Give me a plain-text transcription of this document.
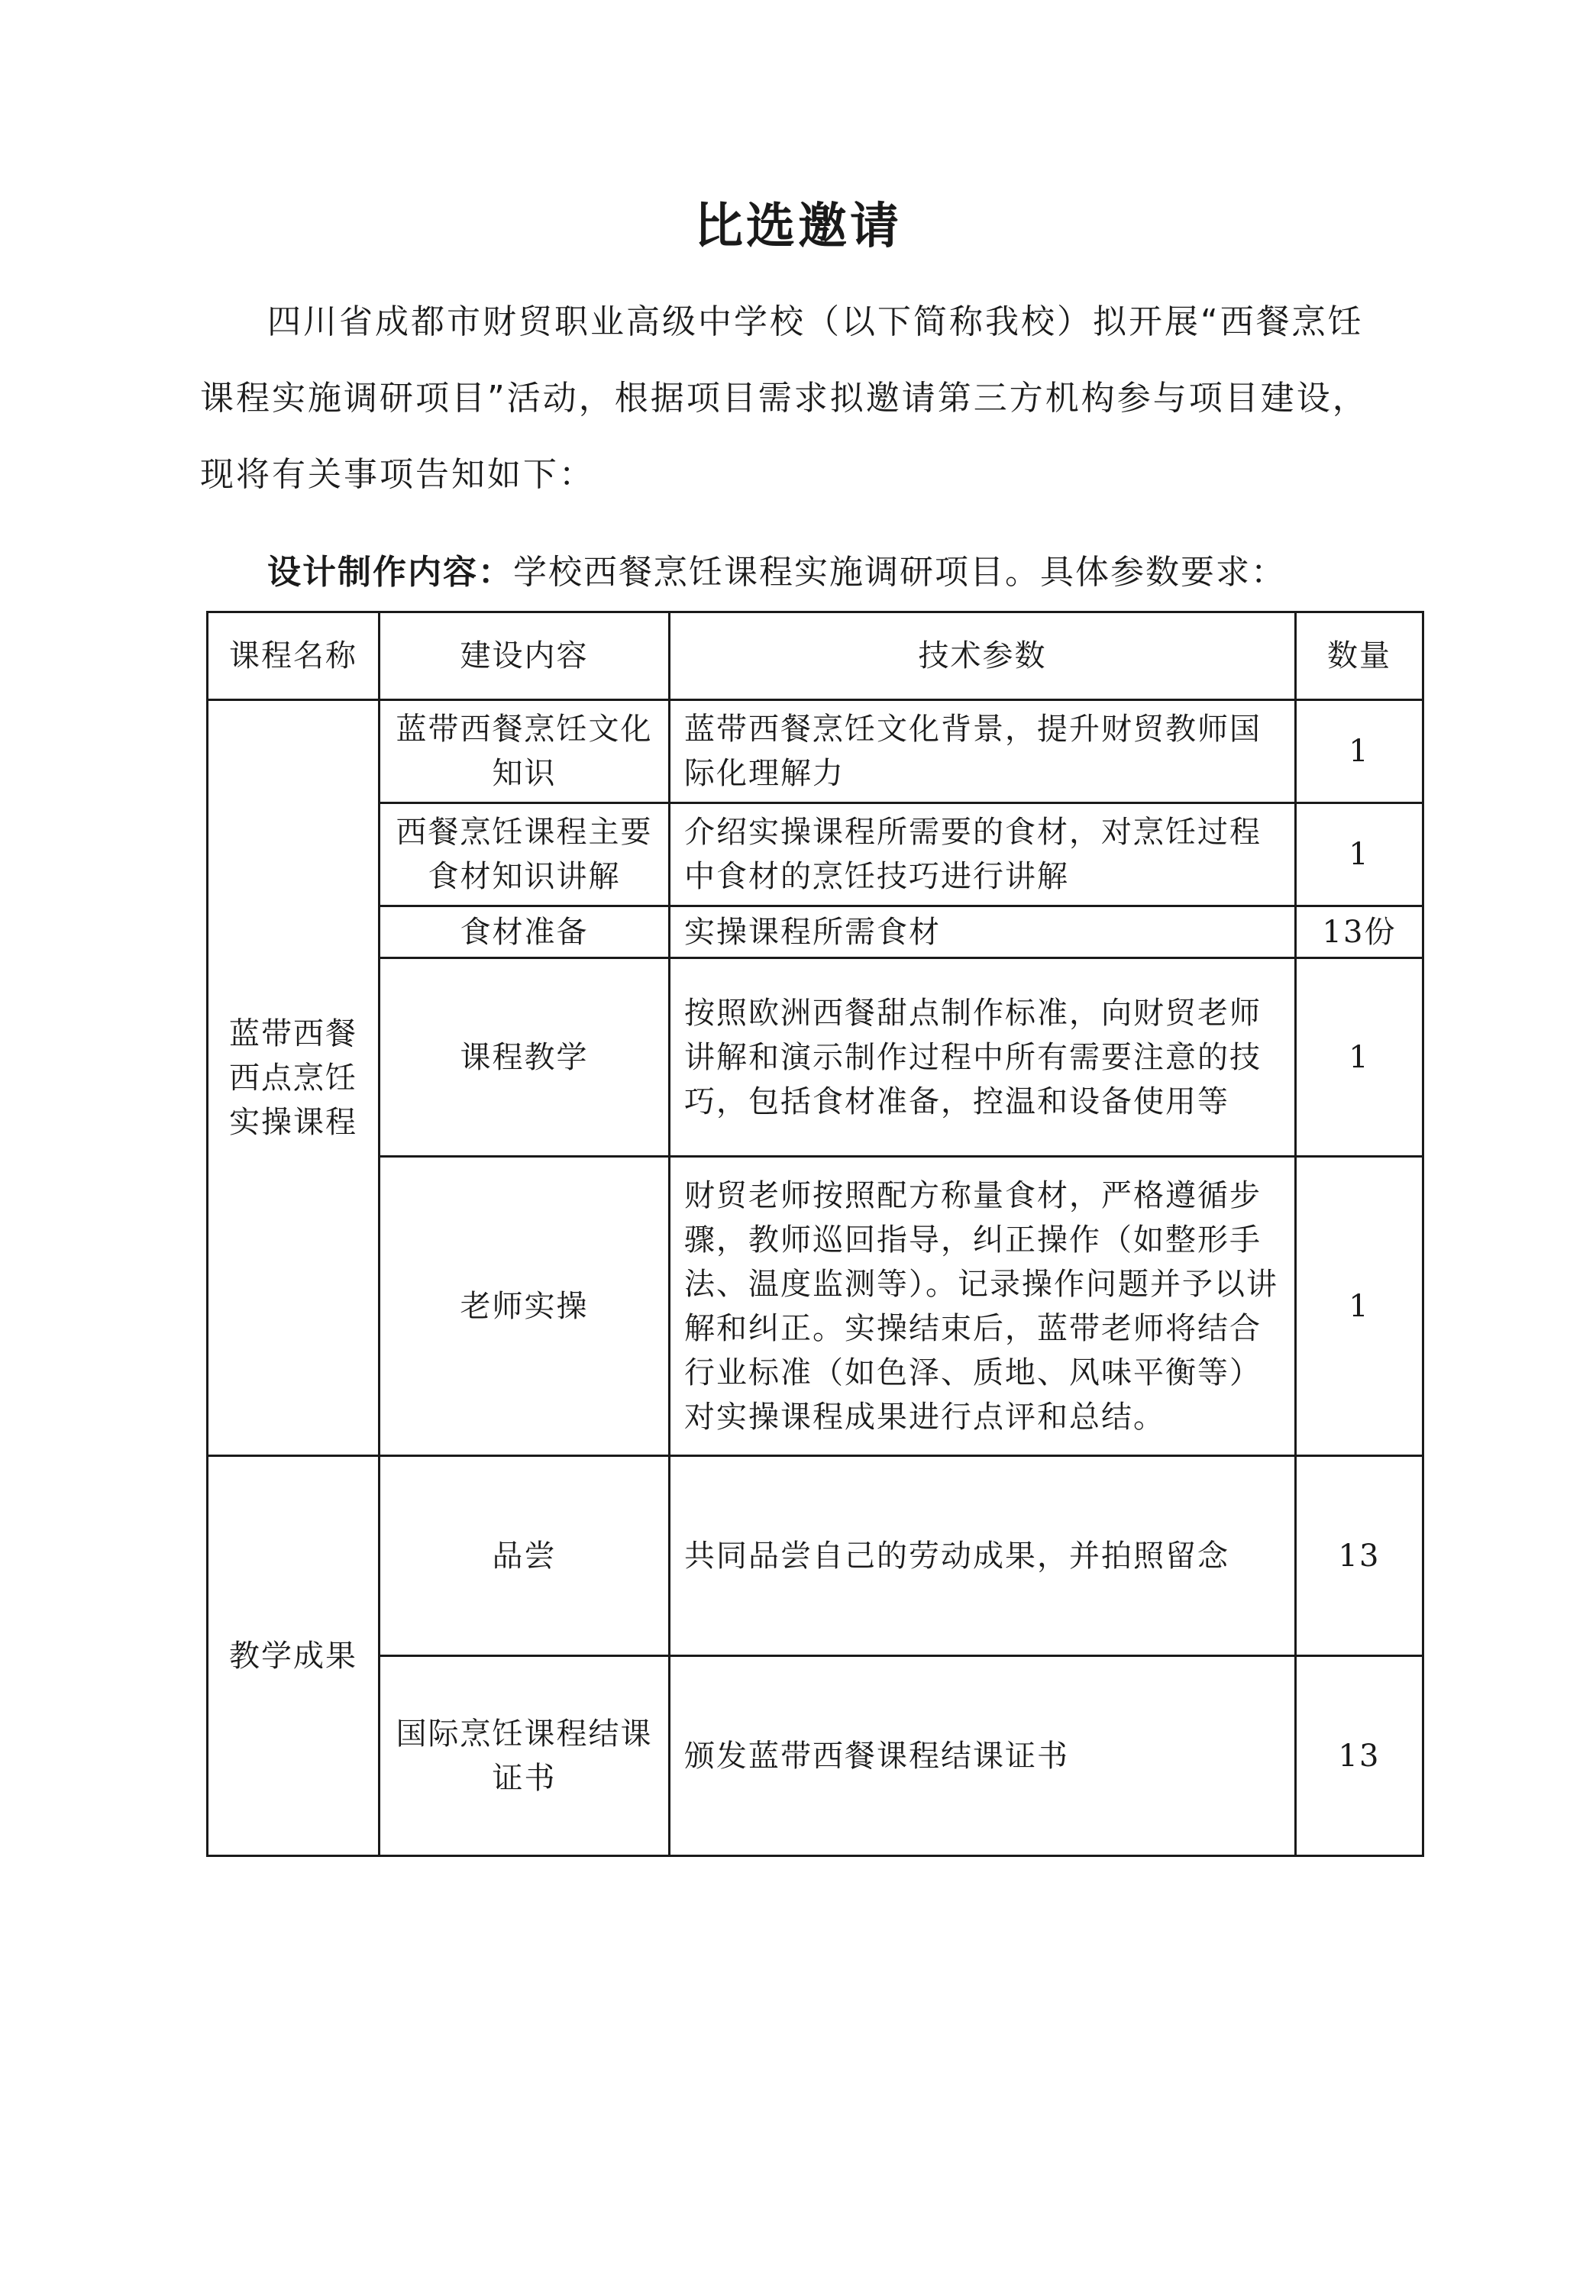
比选邀请

四川省成都市财贸职业高级中学校（以下简称我校）拟开展“西餐烹饪课程实施调研项目”活动，根据项目需求拟邀请第三方机构参与项目建设，现将有关事项告知如下：

设计制作内容：学校西餐烹饪课程实施调研项目。具体参数要求：
课程名称	建设内容	技术参数	数量
蓝带西餐西点烹饪实操课程	蓝带西餐烹饪文化知识	蓝带西餐烹饪文化背景，提升财贸教师国际化理解力	1
	西餐烹饪课程主要食材知识讲解	介绍实操课程所需要的食材，对烹饪过程中食材的烹饪技巧进行讲解	1
	食材准备	实操课程所需食材	13份
	课程教学	按照欧洲西餐甜点制作标准，向财贸老师讲解和演示制作过程中所有需要注意的技巧，包括食材准备，控温和设备使用等	1
	老师实操	财贸老师按照配方称量食材，严格遵循步骤，教师巡回指导，纠正操作（如整形手法、温度监测等）。记录操作问题并予以讲解和纠正。实操结束后，蓝带老师将结合行业标准（如色泽、质地、风味平衡等）对实操课程成果进行点评和总结。	1
教学成果	品尝	共同品尝自己的劳动成果，并拍照留念	13
	国际烹饪课程结课证书	颁发蓝带西餐课程结课证书	13
